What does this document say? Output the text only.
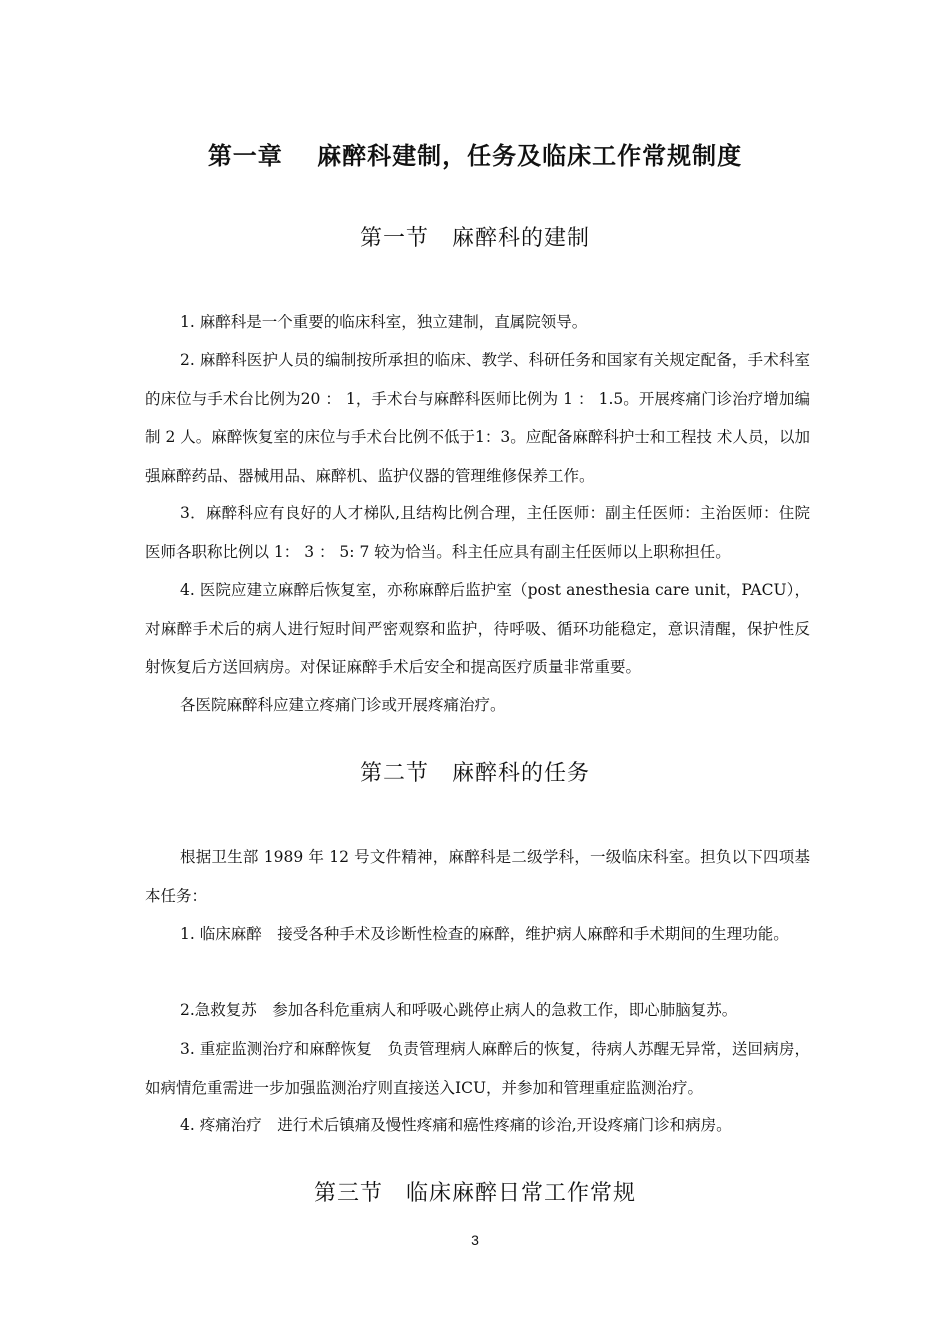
第一章　 麻醉科建制，任务及临床工作常规制度
第一节　麻醉科的建制
1. 麻醉科是一个重要的临床科室，独立建制，直属院领导。
2. 麻醉科医护人员的编制按所承担的临床、教学、科研任务和国家有关规定配备，手术科室的床位与手术台比例为20 ： 1，手术台与麻醉科医师比例为 1 ： 1.5。开展疼痛门诊治疗增加编制 2 人。麻醉恢复室的床位与手术台比例不低于1：3。应配备麻醉科护士和工程技 术人员，以加强麻醉药品、器械用品、麻醉机、监护仪器的管理维修保养工作。
3．麻醉科应有良好的人才梯队,且结构比例合理，主任医师：副主任医师：主治医师：住院医师各职称比例以 1： 3 ： 5: 7 较为恰当。科主任应具有副主任医师以上职称担任。
4. 医院应建立麻醉后恢复室，亦称麻醉后监护室（post anesthesia care unit，PACU），对麻醉手术后的病人进行短时间严密观察和监护，待呼吸、循环功能稳定，意识清醒，保护性反射恢复后方送回病房。对保证麻醉手术后安全和提高医疗质量非常重要。
各医院麻醉科应建立疼痛门诊或开展疼痛治疗。
第二节　麻醉科的任务
根据卫生部 1989 年 12 号文件精神，麻醉科是二级学科，一级临床科室。担负以下四项基本任务：
1. 临床麻醉　接受各种手术及诊断性检查的麻醉，维护病人麻醉和手术期间的生理功能。
2.急救复苏　参加各科危重病人和呼吸心跳停止病人的急救工作，即心肺脑复苏。
3. 重症监测治疗和麻醉恢复　负责管理病人麻醉后的恢复，待病人苏醒无异常，送回病房，如病情危重需进一步加强监测治疗则直接送入ICU，并参加和管理重症监测治疗。
4. 疼痛治疗　进行术后镇痛及慢性疼痛和癌性疼痛的诊治,开设疼痛门诊和病房。
第三节　临床麻醉日常工作常规
3
